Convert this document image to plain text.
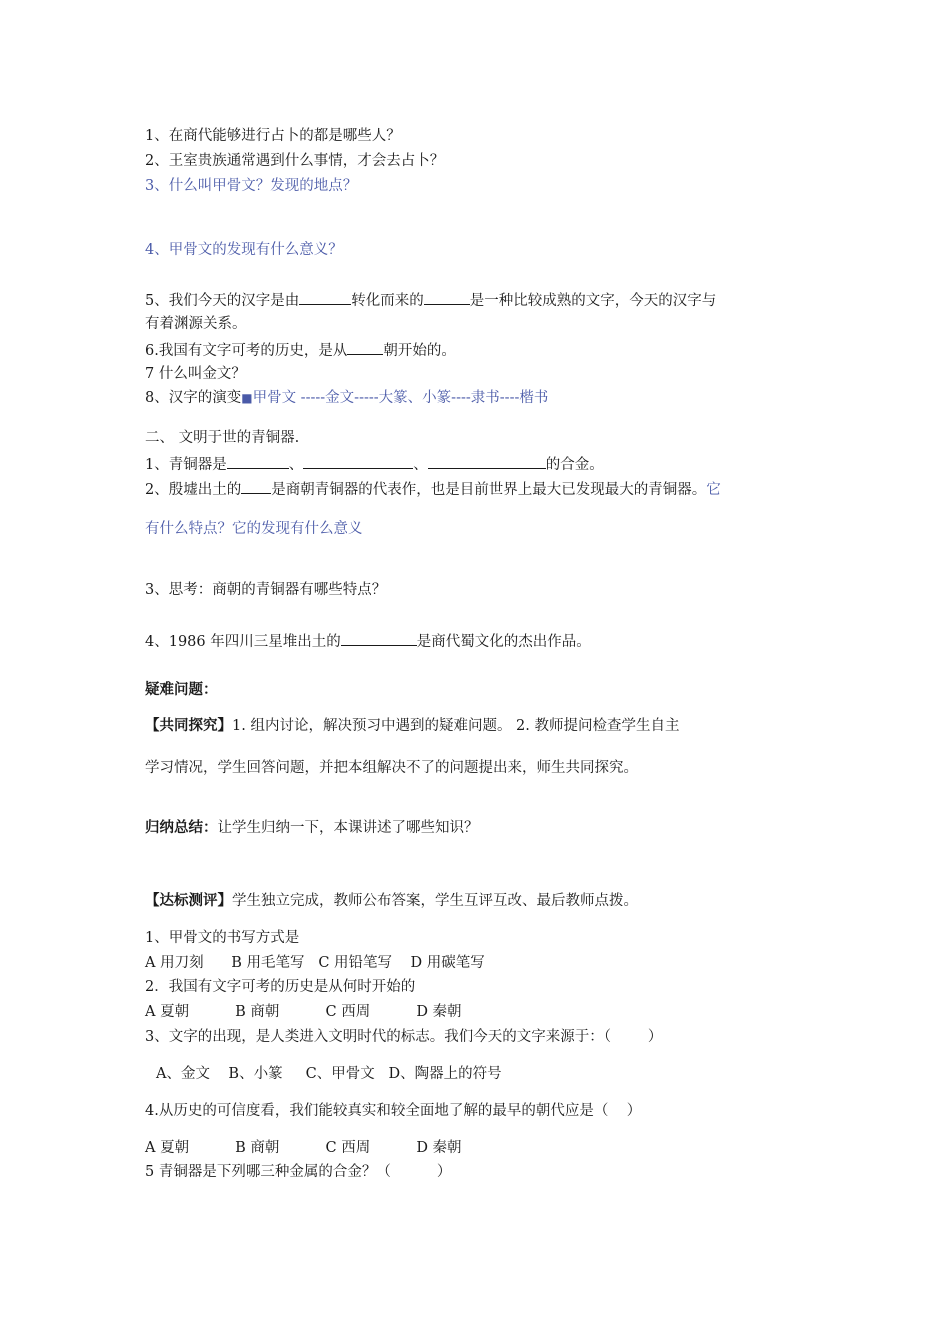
1、在商代能够进行占卜的都是哪些人？
2、王室贵族通常遇到什么事情，才会去占卜？
3、什么叫甲骨文？发现的地点？
4、甲骨文的发现有什么意义？
5、我们今天的汉字是由	转化而来的	是一种比较成熟的文字，今天的汉字与
有着渊源关系。
6.我国有文字可考的历史，是从 朝开始的。
7 什么叫金文？
8、汉字的演变■甲骨文 -----金文-----大篆、小篆----隶书----楷书
二、 文明于世的青铜器.
1、青铜器是	、	、	的合金。
2、殷墟出土的 是商朝青铜器的代表作，也是目前世界上最大已发现最大的青铜器。它
有什么特点？它的发现有什么意义
3、思考：商朝的青铜器有哪些特点？
4、1986 年四川三星堆出土的	是商代蜀文化的杰出作品。
疑难问题：
【共同探究】1. 组内讨论，解决预习中遇到的疑难问题。 2. 教师提问检查学生自主
学习情况，学生回答问题，并把本组解决不了的问题提出来，师生共同探究。
归纳总结：让学生归纳一下，本课讲述了哪些知识？
【达标测评】学生独立完成，教师公布答案，学生互评互改、最后教师点拨。
1、甲骨文的书写方式是
A 用刀刻      B 用毛笔写   C 用铅笔写    D 用碳笔写
2．我国有文字可考的历史是从何时开始的
A 夏朝          B 商朝          C 西周          D 秦朝
3、文字的出现，是人类进入文明时代的标志。我们今天的文字来源于：（        ）
A、金文    B、小篆     C、甲骨文   D、陶器上的符号
4.从历史的可信度看，我们能较真实和较全面地了解的最早的朝代应是（    ）
A 夏朝          B 商朝          C 西周          D 秦朝
5 青铜器是下列哪三种金属的合金？（          ）
